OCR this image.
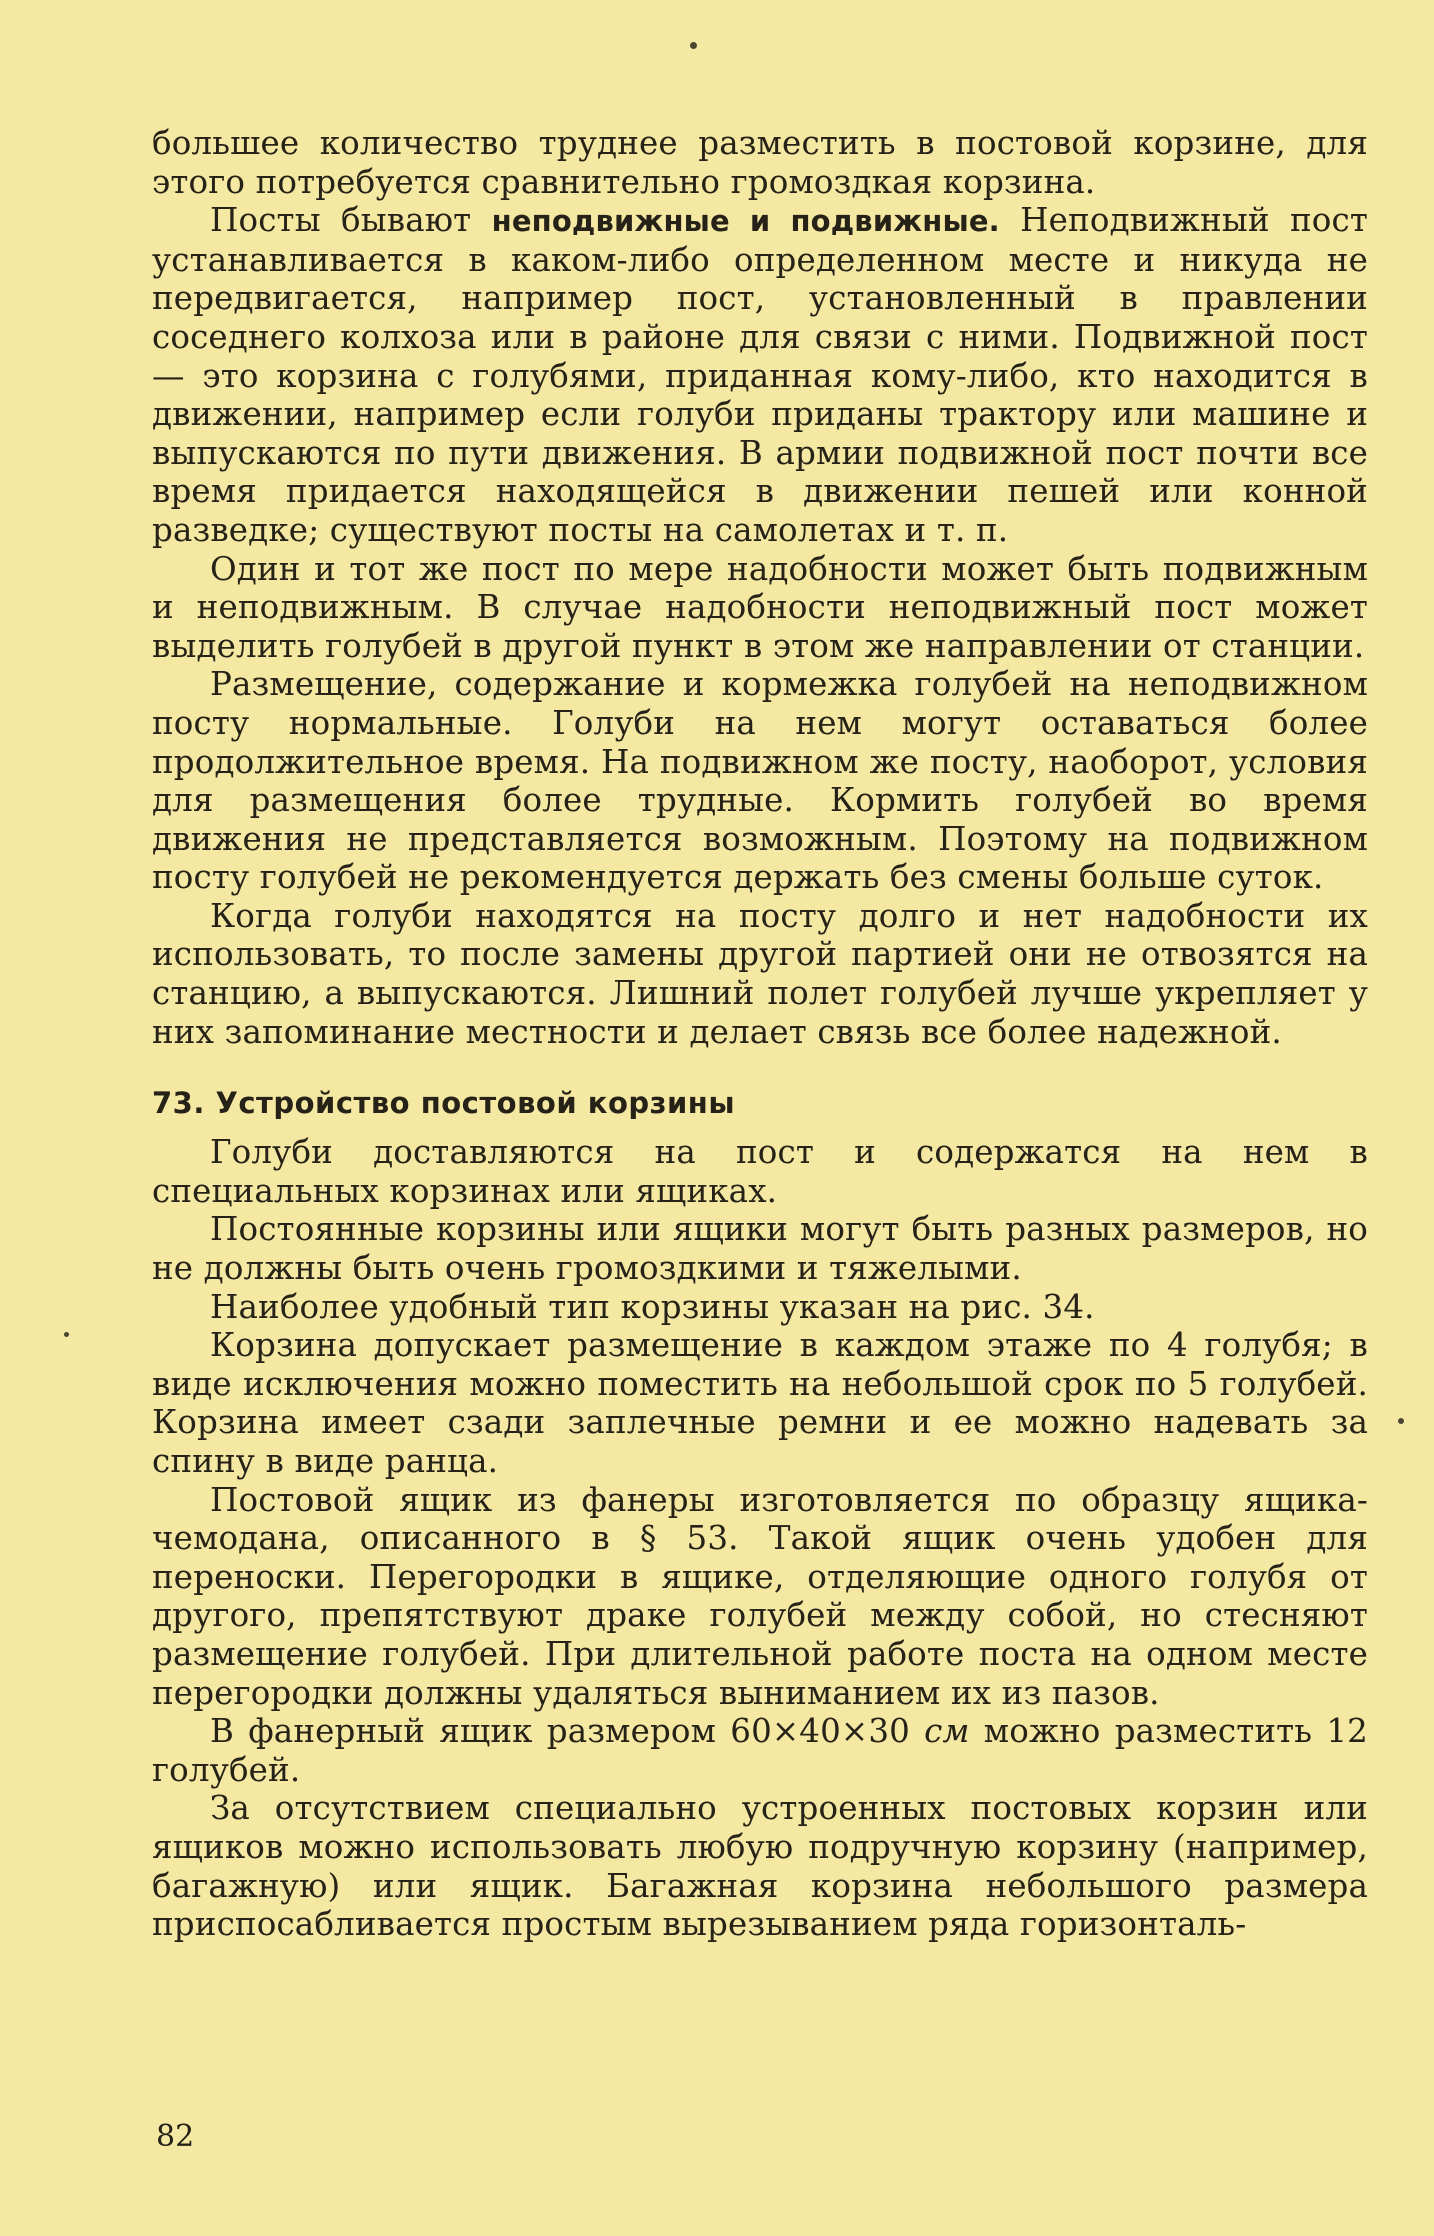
большее количество труднее разместить в постовой корзине, для этого потребуется сравнительно громоздкая корзина.

Посты бывают неподвижные и подвижные. Неподвижный пост устанавливается в каком-либо определенном месте и никуда не передвигается, например пост, установленный в правлении соседнего колхоза или в районе для связи с ними. Подвижной пост — это корзина с голубями, приданная кому-либо, кто находится в движении, например если голуби приданы трактору или машине и выпускаются по пути движения. В армии подвижной пост почти все время придается находящейся в движении пешей или конной разведке; существуют посты на самолетах и т. п.

Один и тот же пост по мере надобности может быть подвижным и неподвижным. В случае надобности неподвижный пост может выделить голубей в другой пункт в этом же направлении от станции.

Размещение, содержание и кормежка голубей на неподвижном посту нормальные. Голуби на нем могут оставаться более продолжительное время. На подвижном же посту, наоборот, условия для размещения более трудные. Кормить голубей во время движения не представляется возможным. Поэтому на подвижном посту голубей не рекомендуется держать без смены больше суток.

Когда голуби находятся на посту долго и нет надобности их использовать, то после замены другой партией они не отвозятся на станцию, а выпускаются. Лишний полет голубей лучше укрепляет у них запоминание местности и делает связь все более надежной.

73. Устройство постовой корзины

Голуби доставляются на пост и содержатся на нем в специальных корзинах или ящиках.

Постоянные корзины или ящики могут быть разных размеров, но не должны быть очень громоздкими и тяжелыми.

Наиболее удобный тип корзины указан на рис. 34.

Корзина допускает размещение в каждом этаже по 4 голубя; в виде исключения можно поместить на небольшой срок по 5 голубей. Корзина имеет сзади заплечные ремни и ее можно надевать за спину в виде ранца.

Постовой ящик из фанеры изготовляется по образцу ящика-чемодана, описанного в § 53. Такой ящик очень удобен для переноски. Перегородки в ящике, отделяющие одного голубя от другого, препятствуют драке голубей между собой, но стесняют размещение голубей. При длительной работе поста на одном месте перегородки должны удаляться выниманием их из пазов.

В фанерный ящик размером 60×40×30 см можно разместить 12 голубей.

За отсутствием специально устроенных постовых корзин или ящиков можно использовать любую подручную корзину (например, багажную) или ящик. Багажная корзина небольшого размера приспосабливается простым вырезыванием ряда горизонталь-

82
